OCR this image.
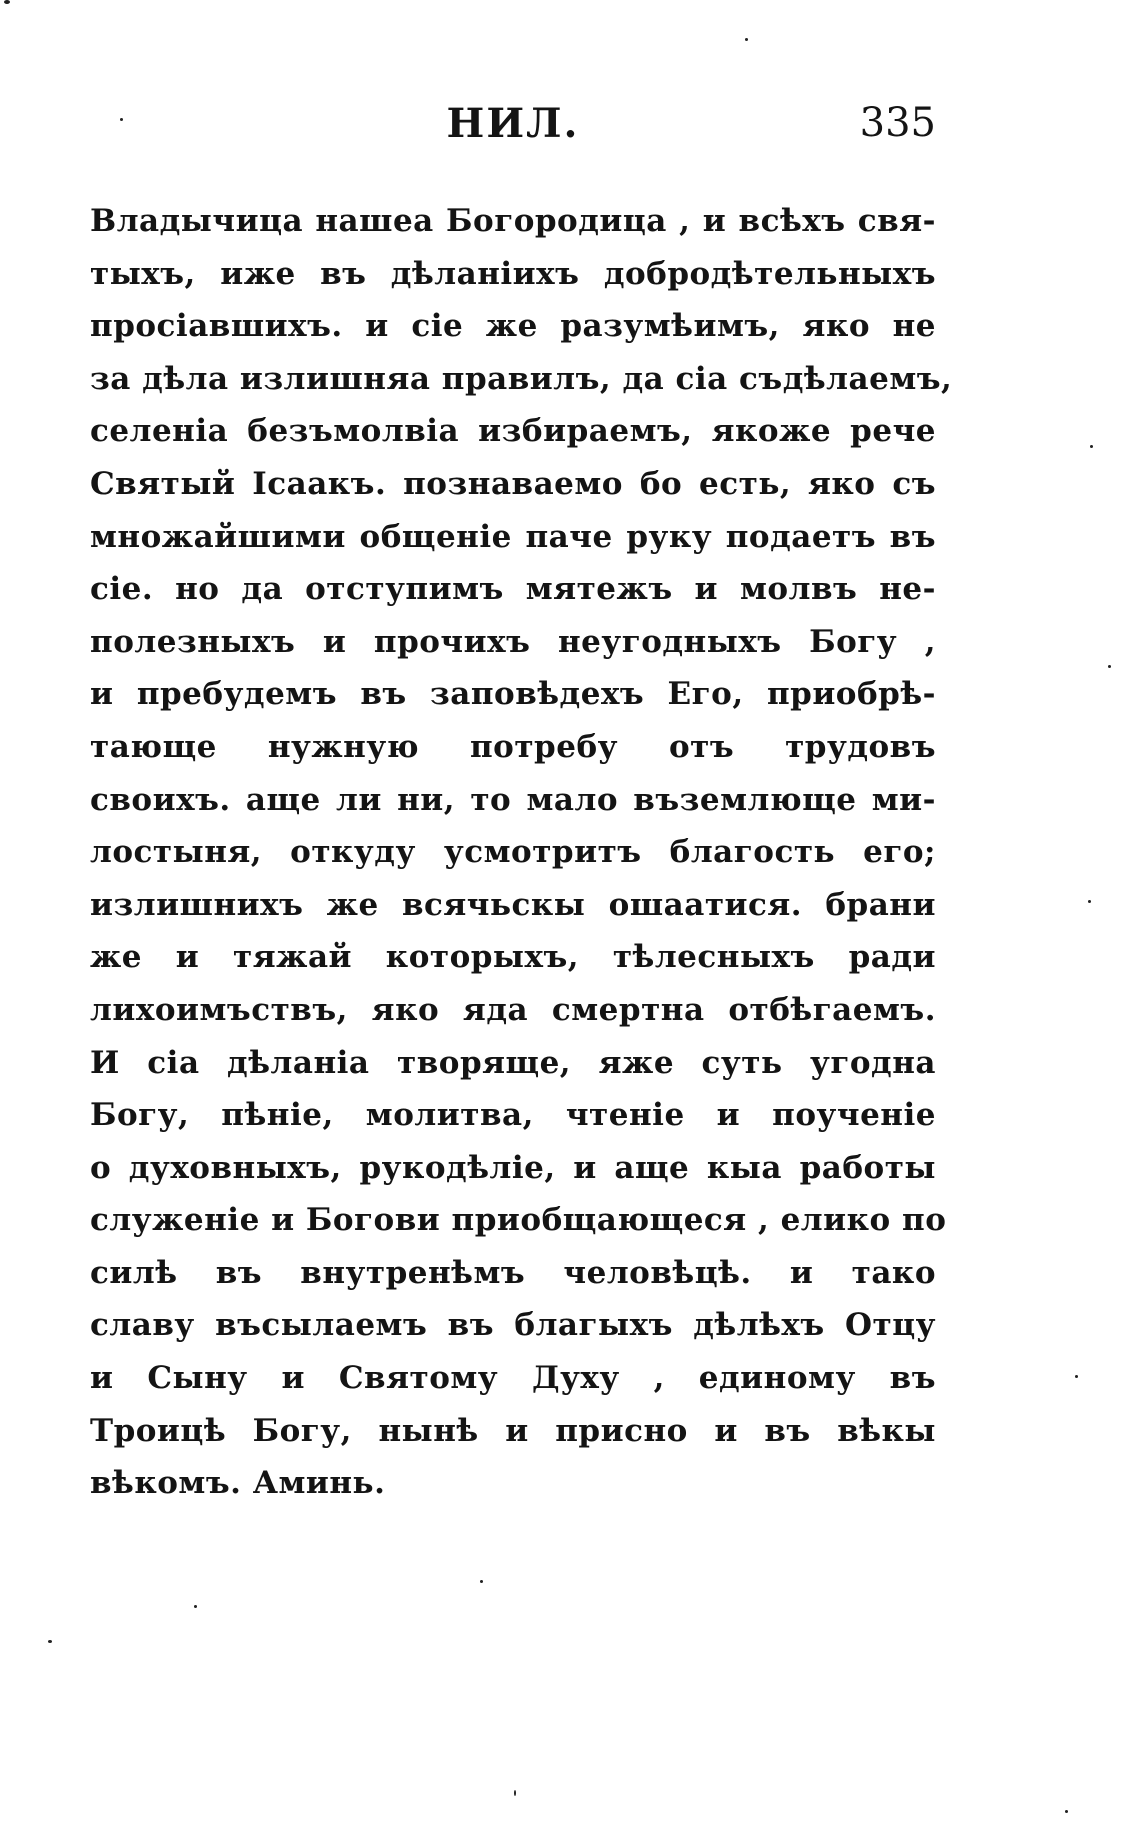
НИЛ.	335
Владычица нашеа Богородица , и всѣхъ свя-
тыхъ, иже въ дѣланіихъ добродѣтельныхъ
просіавшихъ. и сіе же разумѣимъ, яко не
за дѣла излишняа правилъ, да сіа съдѣлаемъ,
селеніа безъмолвіа избираемъ, якоже рече
Святый Iсаакъ. познаваемо бо есть, яко съ
множайшими общеніе паче руку подаетъ въ
сіе. но да отступимъ мятежъ и молвъ не-
полезныхъ и прочихъ неугодныхъ Богу ,
и пребудемъ въ заповѣдехъ Его, приобрѣ-
тающе нужную потребу отъ трудовъ
своихъ. аще ли ни, то мало въземлюще ми-
лостыня, откуду усмотритъ благость его;
излишнихъ же всячьскы ошаатися. брани
же и тяжай которыхъ, тѣлесныхъ ради
лихоимъствъ, яко яда смертна отбѣгаемъ.
И сіа дѣланіа творяще, яже суть угодна
Богу, пѣніе, молитва, чтеніе и поученіе
о духовныхъ, рукодѣліе, и аще кыа работы
служеніе и Богови приобщающеся , елико по
силѣ въ внутренѣмъ человѣцѣ. и тако
славу въсылаемъ въ благыхъ дѣлѣхъ Отцу
и Сыну и Святому Духу , единому въ
Троицѣ Богу, нынѣ и присно и въ вѣкы
вѣкомъ. Аминь.
